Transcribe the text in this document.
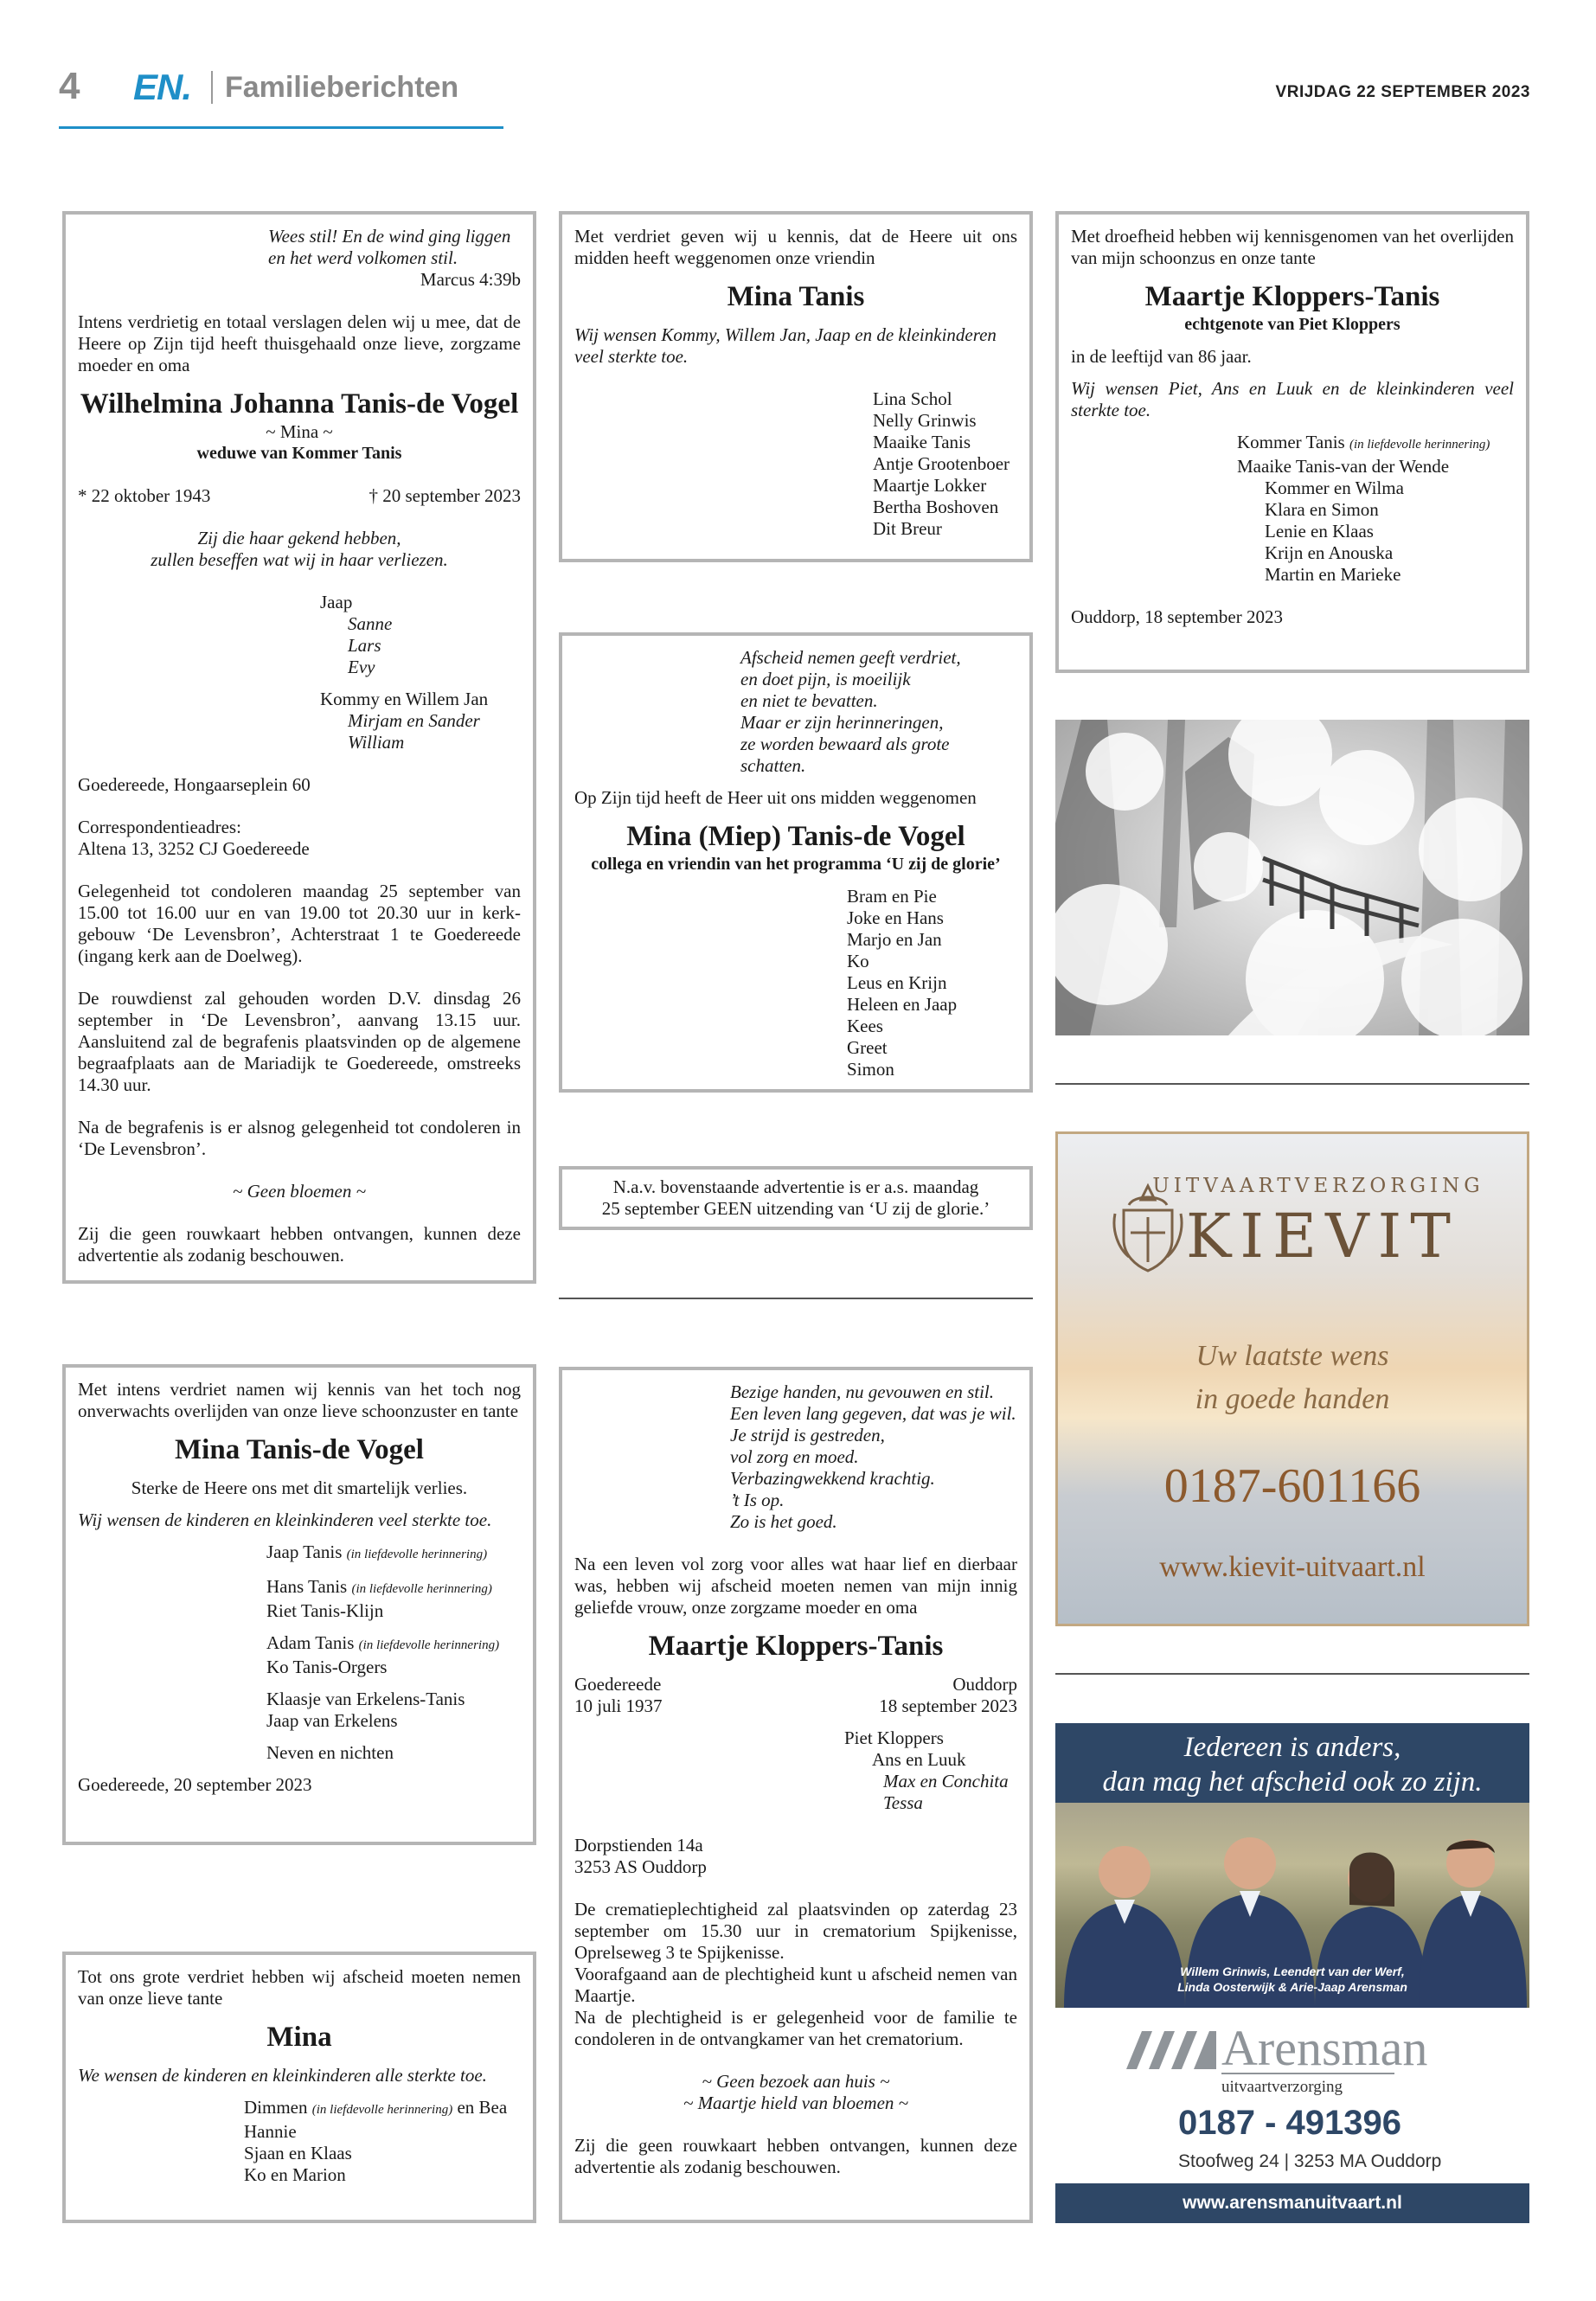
4 EN. Familieberichten	VRIJDAG 22 SEPTEMBER 2023
Wees stil! En de wind ging liggen
en het werd volkomen stil.
Marcus 4:39b
Intens verdrietig en totaal verslagen delen wij u mee, dat de Heere op Zijn tijd heeft thuisgehaald onze lieve, zorgzame moeder en oma
Wilhelmina Johanna Tanis-de Vogel
~ Mina ~
weduwe van Kommer Tanis
* 22 oktober 1943	† 20 september 2023
Zij die haar gekend hebben,
zullen beseffen wat wij in haar verliezen.
Jaap
Sanne
Lars
Evy
Kommy en Willem Jan
Mirjam en Sander
William
Goedereede, Hongaarseplein 60
Correspondentieadres:
Altena 13, 3252 CJ Goedereede
Gelegenheid tot condoleren maandag 25 september van 15.00 tot 16.00 uur en van 19.00 tot 20.30 uur in kerkgebouw ‘De Levensbron’, Achterstraat 1 te Goedereede (ingang kerk aan de Doelweg).
De rouwdienst zal gehouden worden D.V. dinsdag 26 september in ‘De Levensbron’, aanvang 13.15 uur. Aansluitend zal de begrafenis plaatsvinden op de algemene begraafplaats aan de Mariadijk te Goedereede, omstreeks 14.30 uur.
Na de begrafenis is er alsnog gelegenheid tot condoleren in ‘De Levensbron’.
~ Geen bloemen ~
Zij die geen rouwkaart hebben ontvangen, kunnen deze advertentie als zodanig beschouwen.
Met intens verdriet namen wij kennis van het toch nog onverwachts overlijden van onze lieve schoonzuster en tante
Mina Tanis-de Vogel
Sterke de Heere ons met dit smartelijk verlies.
Wij wensen de kinderen en kleinkinderen veel sterkte toe.
Jaap Tanis (in liefdevolle herinnering)
Hans Tanis (in liefdevolle herinnering)
Riet Tanis-Klijn
Adam Tanis (in liefdevolle herinnering)
Ko Tanis-Orgers
Klaasje van Erkelens-Tanis
Jaap van Erkelens
Neven en nichten
Goedereede, 20 september 2023
Tot ons grote verdriet hebben wij afscheid moeten nemen van onze lieve tante
Mina
We wensen de kinderen en kleinkinderen alle sterkte toe.
Dimmen (in liefdevolle herinnering) en Bea
Hannie
Sjaan en Klaas
Ko en Marion
Met verdriet geven wij u kennis, dat de Heere uit ons midden heeft weggenomen onze vriendin
Mina Tanis
Wij wensen Kommy, Willem Jan, Jaap en de kleinkinderen veel sterkte toe.
Lina Schol
Nelly Grinwis
Maaike Tanis
Antje Grootenboer
Maartje Lokker
Bertha Boshoven
Dit Breur
Afscheid nemen geeft verdriet,
en doet pijn, is moeilijk
en niet te bevatten.
Maar er zijn herinneringen,
ze worden bewaard als grote schatten.
Op Zijn tijd heeft de Heer uit ons midden weggenomen
Mina (Miep) Tanis-de Vogel
collega en vriendin van het programma ‘U zij de glorie’
Bram en Pie
Joke en Hans
Marjo en Jan
Ko
Leus en Krijn
Heleen en Jaap
Kees
Greet
Simon
N.a.v. bovenstaande advertentie is er a.s. maandag
25 september GEEN uitzending van ‘U zij de glorie.’
Bezige handen, nu gevouwen en stil.
Een leven lang gegeven, dat was je wil.
Je strijd is gestreden,
vol zorg en moed.
Verbazingwekkend krachtig.
’t Is op.
Zo is het goed.
Na een leven vol zorg voor alles wat haar lief en dierbaar was, hebben wij afscheid moeten nemen van mijn innig geliefde vrouw, onze zorgzame moeder en oma
Maartje Kloppers-Tanis
Goedereede
10 juli 1937
Ouddorp
18 september 2023
Piet Kloppers
Ans en Luuk
Max en Conchita
Tessa
Dorpstienden 14a
3253 AS Ouddorp
De crematieplechtigheid zal plaatsvinden op zaterdag 23 september om 15.30 uur in crematorium Spijkenisse, Oprelseweg 3 te Spijkenisse.
Voorafgaand aan de plechtigheid kunt u afscheid nemen van Maartje.
Na de plechtigheid is er gelegenheid voor de familie te condoleren in de ontvangkamer van het crematorium.
~ Geen bezoek aan huis ~
~ Maartje hield van bloemen ~
Zij die geen rouwkaart hebben ontvangen, kunnen deze advertentie als zodanig beschouwen.
Met droefheid hebben wij kennisgenomen van het overlijden van mijn schoonzus en onze tante
Maartje Kloppers-Tanis
echtgenote van Piet Kloppers
in de leeftijd van 86 jaar.
Wij wensen Piet, Ans en Luuk en de kleinkinderen veel sterkte toe.
Kommer Tanis (in liefdevolle herinnering)
Maaike Tanis-van der Wende
Kommer en Wilma
Klara en Simon
Lenie en Klaas
Krijn en Anouska
Martin en Marieke
Ouddorp, 18 september 2023
UITVAARTVERZORGING
KIEVIT
Uw laatste wens
in goede handen
0187-601166
www.kievit-uitvaart.nl
Iedereen is anders,
dan mag het afscheid ook zo zijn.
Willem Grinwis, Leendert van der Werf,
Linda Oosterwijk & Arie-Jaap Arensman
Arensman
uitvaartverzorging
0187 - 491396
Stoofweg 24 | 3253 MA Ouddorp
www.arensmanuitvaart.nl
